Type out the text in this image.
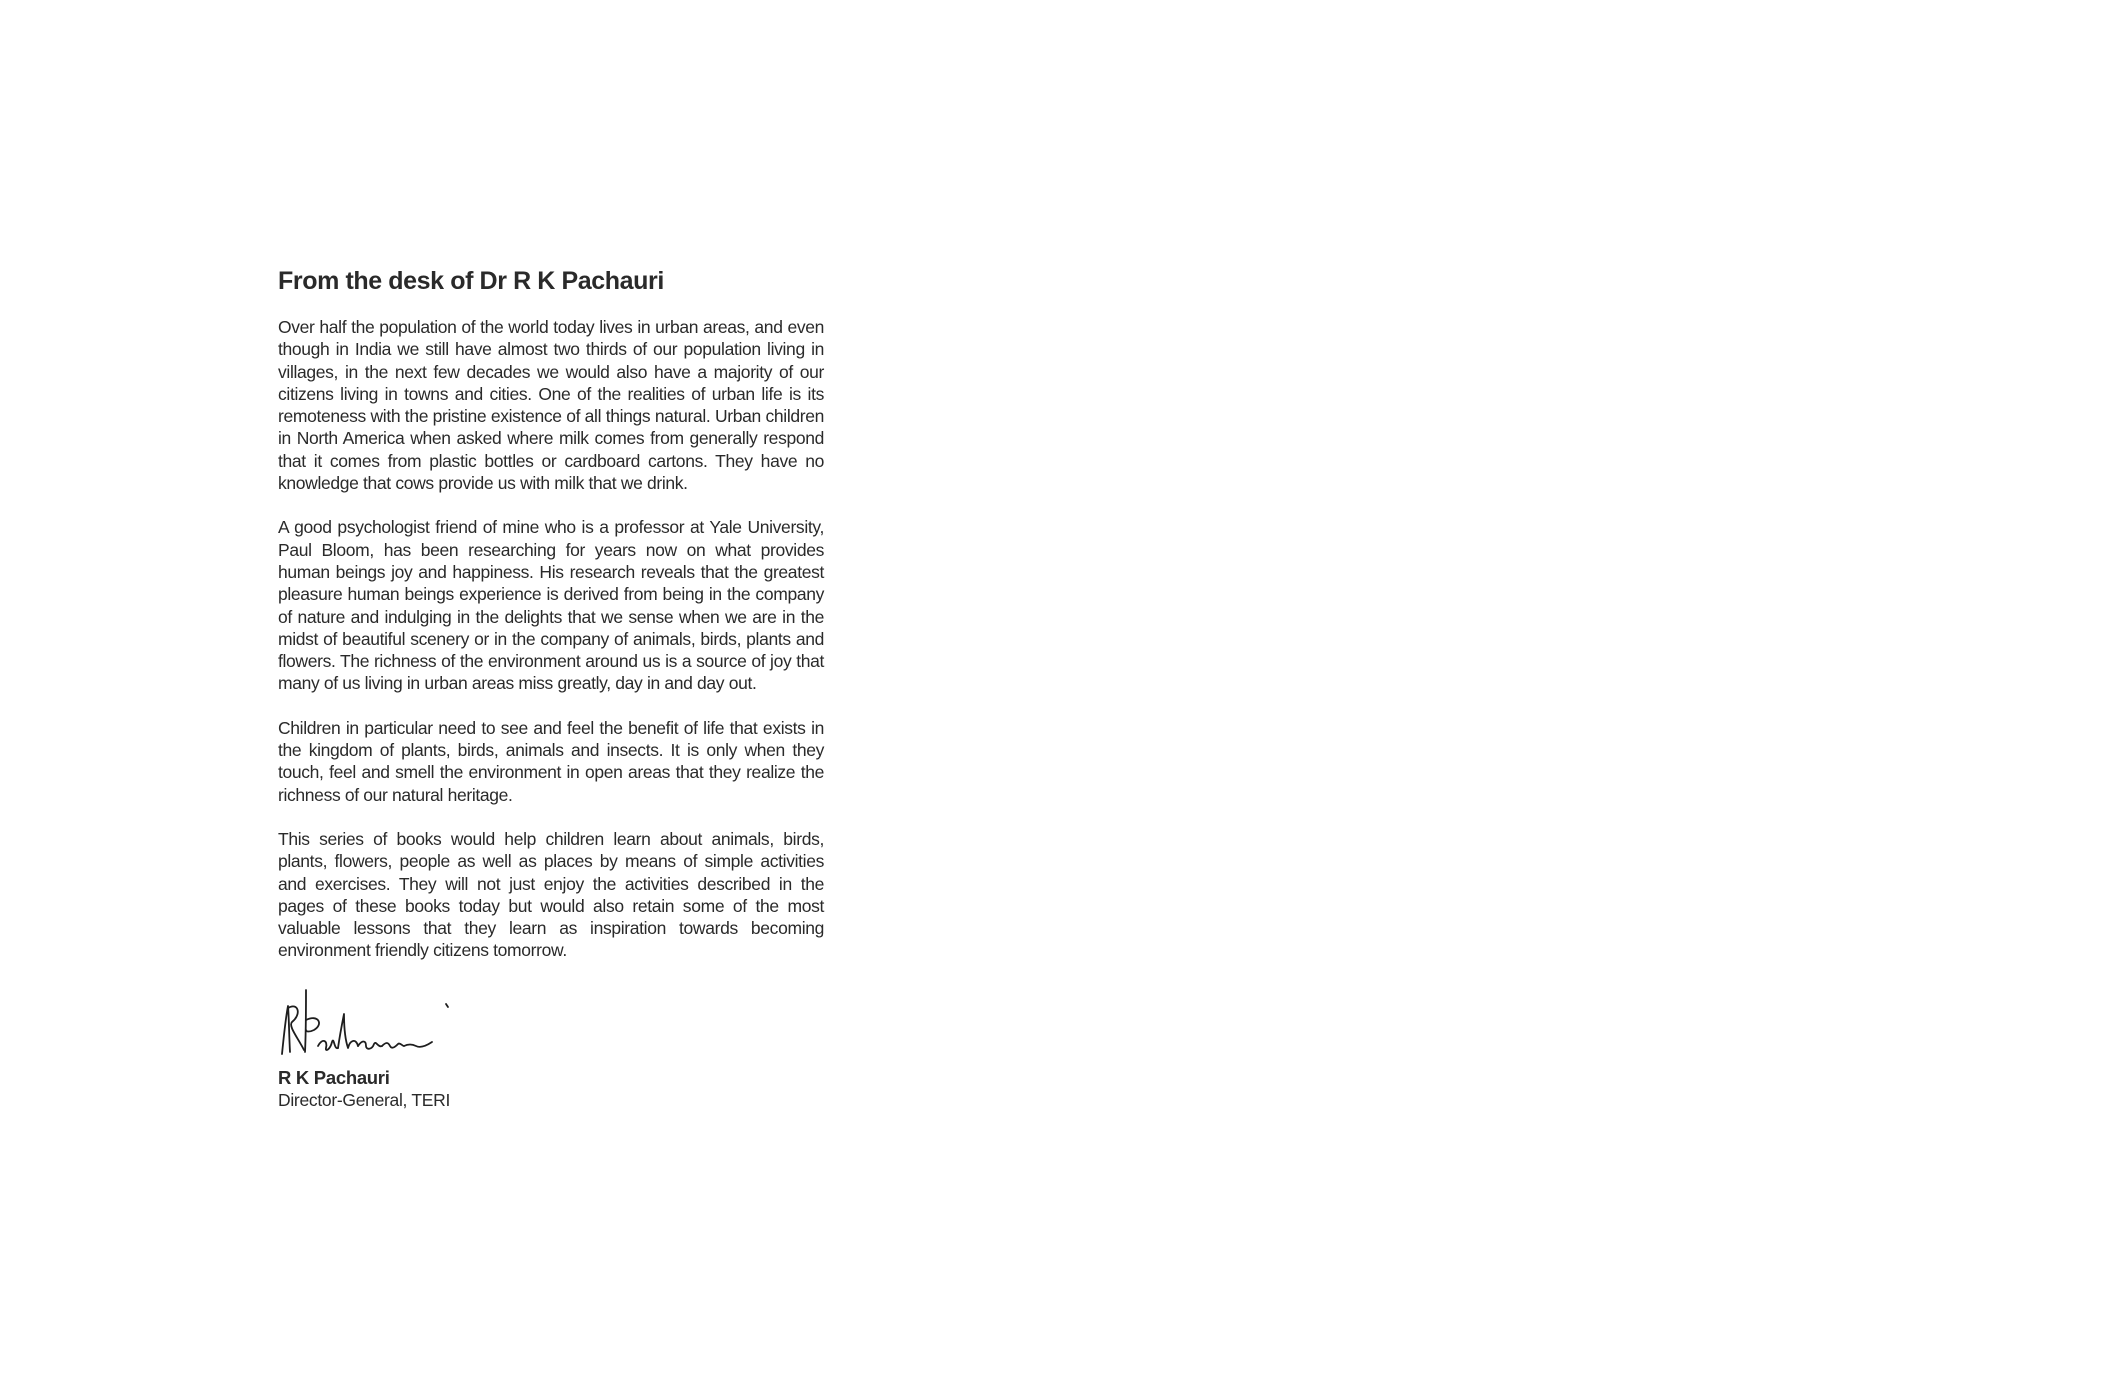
From the desk of Dr R K Pachauri

Over half the population of the world today lives in urban areas, and even though in India we still have almost two thirds of our population living in villages, in the next few decades we would also have a majority of our citizens living in towns and cities. One of the realities of urban life is its remoteness with the pristine existence of all things natural. Urban children in North America when asked where milk comes from generally respond that it comes from plastic bottles or cardboard cartons. They have no knowledge that cows provide us with milk that we drink.

A good psychologist friend of mine who is a professor at Yale University, Paul Bloom, has been researching for years now on what provides human beings joy and happiness. His research reveals that the greatest pleasure human beings experience is derived from being in the company of nature and indulging in the delights that we sense when we are in the midst of beautiful scenery or in the company of animals, birds, plants and flowers. The richness of the environment around us is a source of joy that many of us living in urban areas miss greatly, day in and day out.

Children in particular need to see and feel the benefit of life that exists in the kingdom of plants, birds, animals and insects. It is only when they touch, feel and smell the environment in open areas that they realize the richness of our natural heritage.

This series of books would help children learn about animals, birds, plants, flowers, people as well as places by means of simple activities and exercises. They will not just enjoy the activities described in the pages of these books today but would also retain some of the most valuable lessons that they learn as inspiration towards becoming environment friendly citizens tomorrow.

R K Pachauri
Director-General, TERI
